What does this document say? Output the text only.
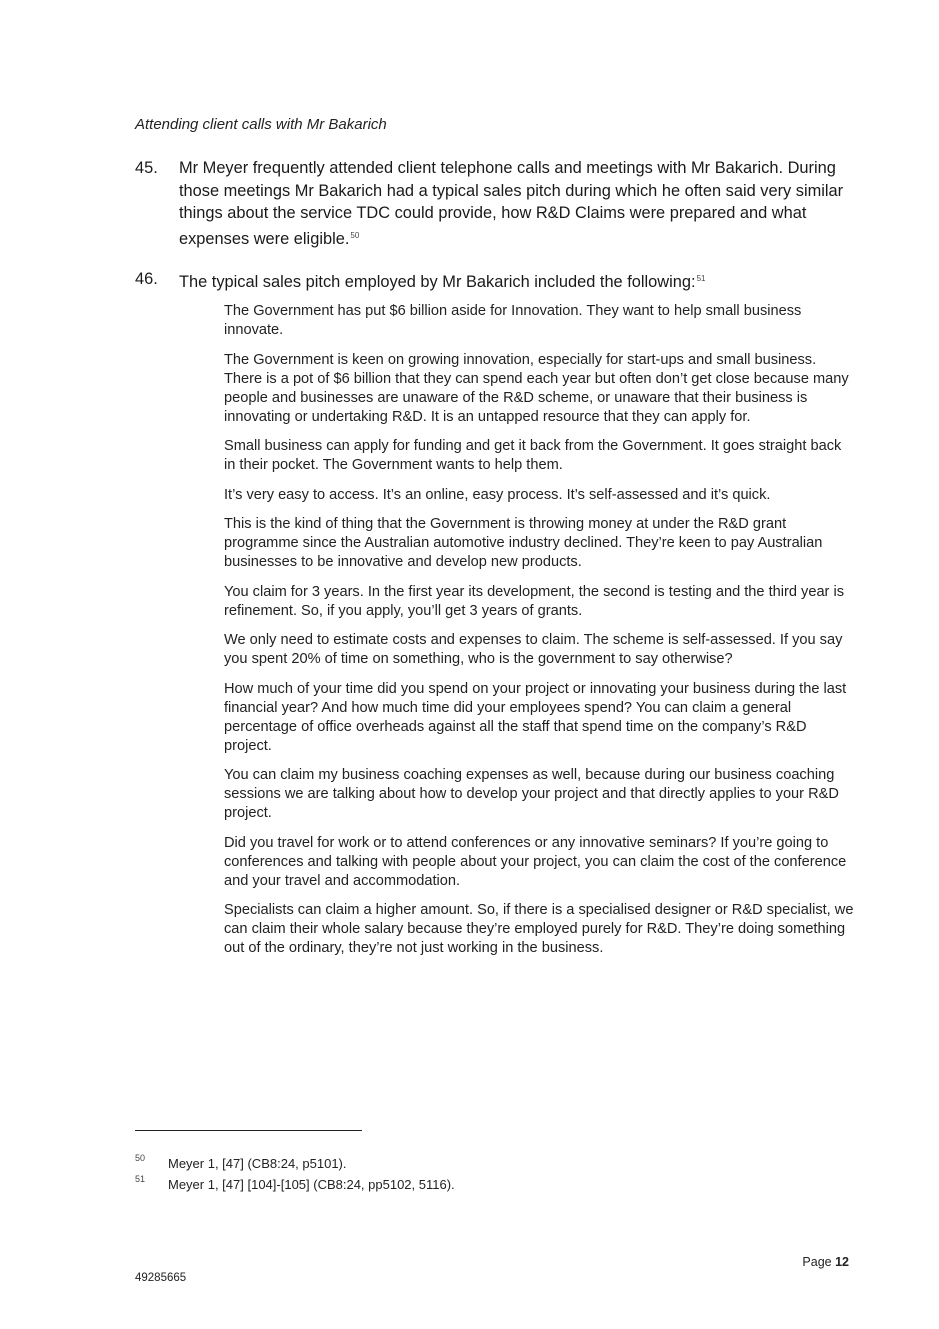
Attending client calls with Mr Bakarich
45. Mr Meyer frequently attended client telephone calls and meetings with Mr Bakarich. During those meetings Mr Bakarich had a typical sales pitch during which he often said very similar things about the service TDC could provide, how R&D Claims were prepared and what expenses were eligible.$^{50}$
46. The typical sales pitch employed by Mr Bakarich included the following:$^{51}$

The Government has put $6 billion aside for Innovation. They want to help small business innovate.

The Government is keen on growing innovation, especially for start-ups and small business. There is a pot of $6 billion that they can spend each year but often don’t get close because many people and businesses are unaware of the R&D scheme, or unaware that their business is innovating or undertaking R&D. It is an untapped resource that they can apply for.

Small business can apply for funding and get it back from the Government. It goes straight back in their pocket. The Government wants to help them.

It’s very easy to access. It’s an online, easy process. It’s self-assessed and it’s quick.

This is the kind of thing that the Government is throwing money at under the R&D grant programme since the Australian automotive industry declined. They’re keen to pay Australian businesses to be innovative and develop new products.

You claim for 3 years. In the first year its development, the second is testing and the third year is refinement. So, if you apply, you’ll get 3 years of grants.

We only need to estimate costs and expenses to claim. The scheme is self-assessed. If you say you spent 20% of time on something, who is the government to say otherwise?

How much of your time did you spend on your project or innovating your business during the last financial year? And how much time did your employees spend? You can claim a general percentage of office overheads against all the staff that spend time on the company’s R&D project.

You can claim my business coaching expenses as well, because during our business coaching sessions we are talking about how to develop your project and that directly applies to your R&D project.

Did you travel for work or to attend conferences or any innovative seminars? If you’re going to conferences and talking with people about your project, you can claim the cost of the conference and your travel and accommodation.

Specialists can claim a higher amount. So, if there is a specialised designer or R&D specialist, we can claim their whole salary because they’re employed purely for R&D. They’re doing something out of the ordinary, they’re not just working in the business.

50 Meyer 1, [47] (CB8:24, p5101).
51 Meyer 1, [47] [104]-[105] (CB8:24, pp5102, 5116).
Page 12
49285665
